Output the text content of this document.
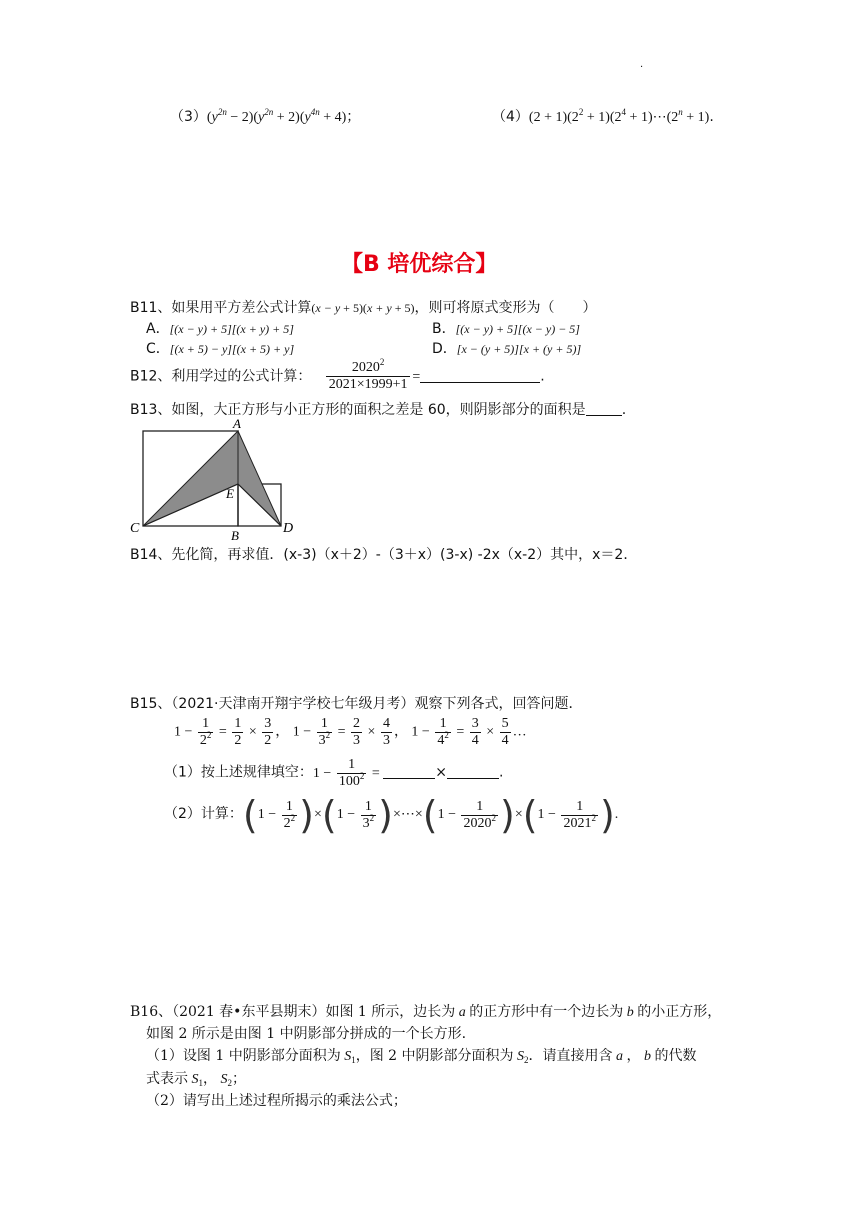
.
$(3)(y^{2n} - 2)(y^{2n} + 2)(y^{4n} + 4)$；	$(4)(2 + 1)(2^2 + 1)(2^4$ + $1)\cdots(2^n + 1)$.
【B 培优综合】
B11、如果用平方差公式计算(x − y + 5)(x + y + 5)，则可将原式变形为（　　）
A．[(x − y) + 5][(x + y) + 5]	B．[(x − y) + 5][(x − y) − 5]
C．[(x + 5) − y][(x + 5) + y]	D．[x − (y + 5)][x + (y + 5)]
B12、利用学过的公式计算： $\frac{2020^2}{2021\times 1999+1}$ =	.
B13、如图，大正方形与小正方形的面积之差是 60，则阴影部分的面积是	.
A
E
C	B	D
B14、先化简，再求值．(x-3)（x＋2）-（3＋x）(3-x) -2x（x-2）其中，x＝2．
B15、（2021·天津南开翔宇学校七年级月考）观察下列各式，回答问题．
$1 - \frac{1}{2^2} = \frac{1}{2} \times \frac{3}{2}$ ， $1 - \frac{1}{3^2} = \frac{2}{3} \times \frac{4}{3}$ ， $1 - \frac{1}{4^2} = \frac{3}{4} \times \frac{5}{4}$ …
（1）按上述规律填空：$1 - \frac{1}{100^2}$ =	×	.
（2）计算：$(1 - \frac{1}{2^2} )\times(1 - \frac{1}{3^2}$ )×⋯×(1 − $\frac{1}{2020^2} )\times(1 - \frac{1}{2021^2}$ ).
B16、（2021 春•东平县期末）如图 1 所示，边长为 a 的正方形中有一个边长为 b 的小正方形，
如图 2 所示是由图 1 中阴影部分拼成的一个长方形.
（1）设图 1 中阴影部分面积为 $S_1$，图 2 中阴影部分面积为 $S_2$．请直接用含 a ， b 的代数
式表示 $S_1$， $S_2$；
（2）请写出上述过程所揭示的乘法公式；
